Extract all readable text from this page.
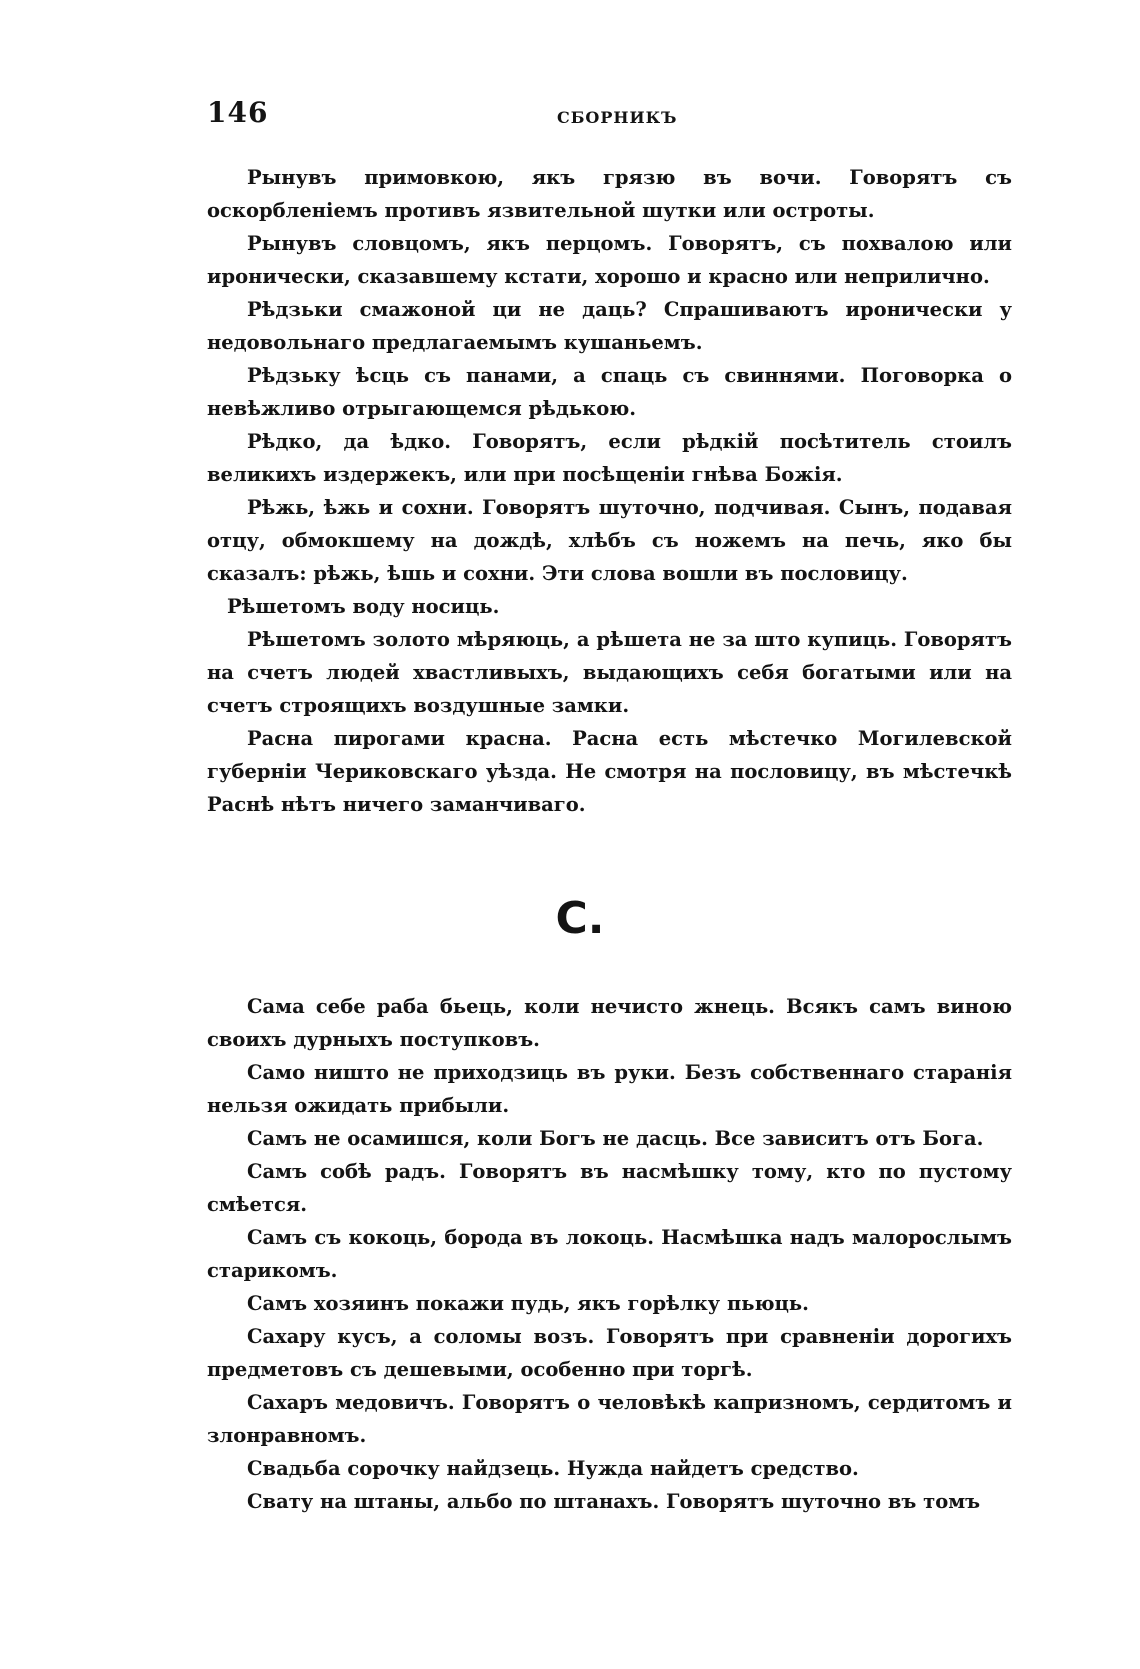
146	СБОРНИКЪ

Рынувъ примовкою, якъ грязю въ вочи. Говорятъ съ оскорбленіемъ противъ язвительной шутки или остроты.

Рынувъ словцомъ, якъ перцомъ. Говорятъ, съ похвалою или иронически, сказавшему кстати, хорошо и красно или неприлично.

Рѣдзьки смажоной ци не даць? Спрашиваютъ иронически у недовольнаго предлагаемымъ кушаньемъ.

Рѣдзьку ѣсць съ панами, а спаць съ свиннями. Поговорка о невѣжливо отрыгающемся рѣдькою.

Рѣдко, да ѣдко. Говорятъ, если рѣдкій посѣтитель стоилъ великихъ издержекъ, или при посѣщеніи гнѣва Божія.

Рѣжь, ѣжь и сохни. Говорятъ шуточно, подчивая. Сынъ, подавая отцу, обмокшему на дождѣ, хлѣбъ съ ножемъ на печь, яко бы сказалъ: рѣжь, ѣшь и сохни. Эти слова вошли въ пословицу.

Рѣшетомъ воду носиць.

Рѣшетомъ золото мѣряюць, а рѣшета не за што купиць. Говорятъ на счетъ людей хвастливыхъ, выдающихъ себя богатыми или на счетъ строящихъ воздушные замки.

Расна пирогами красна. Расна есть мѣстечко Могилевской губерніи Чериковскаго уѣзда. Не смотря на пословицу, въ мѣстечкѣ Раснѣ нѣтъ ничего заманчиваго.

С.

Сама себе раба бьець, коли нечисто жнець. Всякъ самъ виною своихъ дурныхъ поступковъ.

Само ништо не приходзиць въ руки. Безъ собственнаго старанія нельзя ожидать прибыли.

Самъ не осамишся, коли Богъ не дасць. Все зависитъ отъ Бога.

Самъ собѣ радъ. Говорятъ въ насмѣшку тому, кто по пустому смѣется.

Самъ съ кокоць, борода въ локоць. Насмѣшка надъ малорослымъ старикомъ.

Самъ хозяинъ покажи пудь, якъ горѣлку пьюць.

Сахару кусъ, а соломы возъ. Говорятъ при сравненіи дорогихъ предметовъ съ дешевыми, особенно при торгѣ.

Сахаръ медовичъ. Говорятъ о человѣкѣ капризномъ, сердитомъ и злонравномъ.

Свадьба сорочку найдзець. Нужда найдетъ средство.

Свату на штаны, альбо по штанахъ. Говорятъ шуточно въ томъ
